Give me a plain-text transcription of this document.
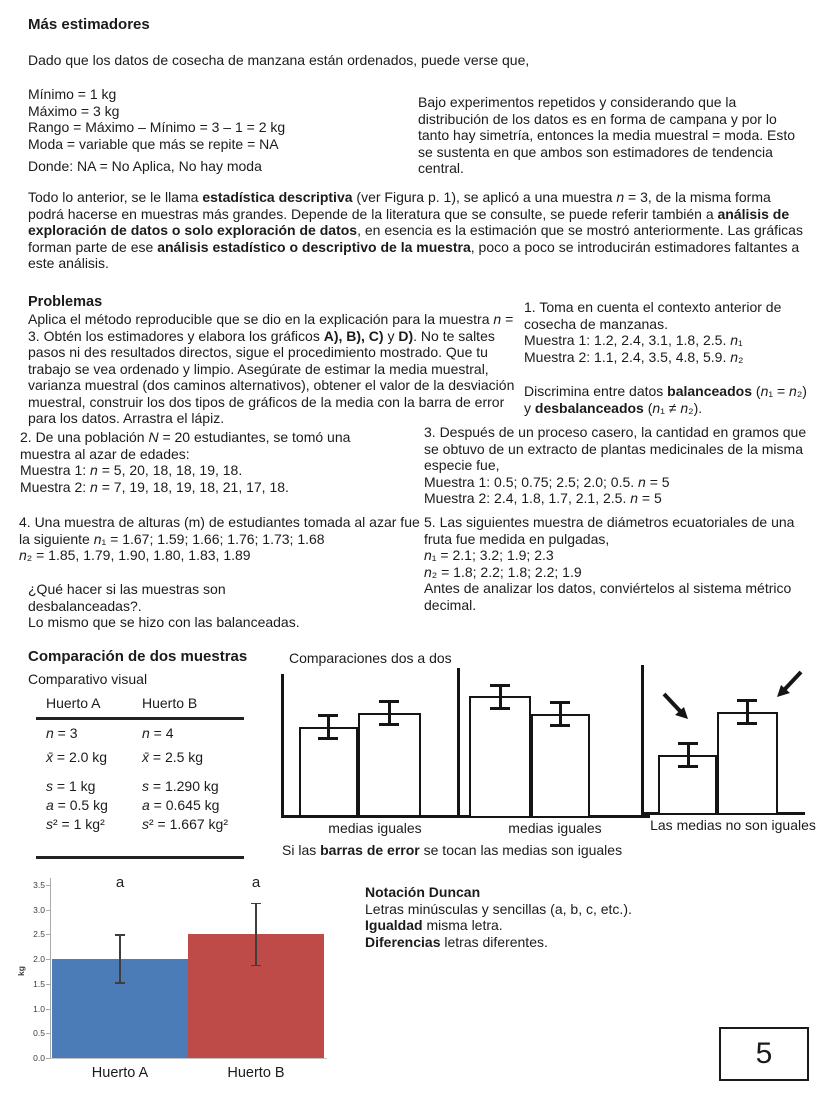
Más estimadores
Dado que los datos de cosecha de manzana están ordenados, puede verse que,
Mínimo = 1 kg
Máximo = 3 kg
Rango = Máximo – Mínimo = 3 – 1 = 2 kg
Moda = variable que más se repite = NA
Bajo experimentos repetidos y considerando que la distribución de los datos es en forma de campana y por lo tanto hay simetría, entonces la media muestral = moda. Esto se sustenta en que ambos son estimadores de tendencia central.
Donde: NA = No Aplica, No hay moda
Todo lo anterior, se le llama estadística descriptiva (ver Figura p. 1), se aplicó a una muestra n = 3, de la misma forma podrá hacerse en muestras más grandes. Depende de la literatura que se consulte, se puede referir también a análisis de exploración de datos o solo exploración de datos, en esencia es la estimación que se mostró anteriormente. Las gráficas forman parte de ese análisis estadístico o descriptivo de la muestra, poco a poco se introducirán estimadores faltantes a este análisis.
Problemas
Aplica el método reproducible que se dio en la explicación para la muestra n = 3. Obtén los estimadores y elabora los gráficos A), B), C) y D). No te saltes pasos ni des resultados directos, sigue el procedimiento mostrado. Que tu trabajo se vea ordenado y limpio. Asegúrate de estimar la media muestral, varianza muestral (dos caminos alternativos), obtener el valor de la desviación muestral, construir los dos tipos de gráficos de la media con la barra de error para los datos. Arrastra el lápiz.
1. Toma en cuenta el contexto anterior de cosecha de manzanas.
Muestra 1: 1.2, 2.4, 3.1, 1.8, 2.5. n₁
Muestra 2: 1.1, 2.4, 3.5, 4.8, 5.9. n₂
Discrimina entre datos balanceados (n₁ = n₂) y desbalanceados (n₁ ≠ n₂).
2. De una población N = 20 estudiantes, se tomó una muestra al azar de edades:
Muestra 1: n = 5, 20, 18, 18, 19, 18.
Muestra 2: n = 7, 19, 18, 19, 18, 21, 17, 18.
3. Después de un proceso casero, la cantidad en gramos que se obtuvo de un extracto de plantas medicinales de la misma especie fue,
Muestra 1: 0.5; 0.75; 2.5; 2.0; 0.5. n = 5
Muestra 2: 2.4, 1.8, 1.7, 2.1, 2.5. n = 5
4. Una muestra de alturas (m) de estudiantes tomada al azar fue la siguiente n₁ = 1.67; 1.59; 1.66; 1.76; 1.73; 1.68
n₂ = 1.85, 1.79, 1.90, 1.80, 1.83, 1.89
5. Las siguientes muestra de diámetros ecuatoriales de una fruta fue medida en pulgadas,
n₁ = 2.1; 3.2; 1.9; 2.3
n₂ = 1.8; 2.2; 1.8; 2.2; 1.9
Antes de analizar los datos, conviértelos al sistema métrico decimal.
¿Qué hacer si las muestras son desbalanceadas?.
Lo mismo que se hizo con las balanceadas.
Comparación de dos muestras
Comparativo visual
Huerto A	Huerto B
n = 3	n = 4
x̄ = 2.0 kg x̄ = 2.5 kg
s = 1 kg	s = 1.290 kg
a = 0.5 kg a = 0.645 kg
s² = 1 kg²	s² = 1.667 kg²
Comparaciones dos a dos
medias iguales	medias iguales	Las medias no son iguales
Si las barras de error se tocan las medias son iguales
0.0
0.5
1.0
1.5
2.0
2.5
3.0
3.5
kg
a
Huerto A
a
Huerto B
Notación Duncan
Letras minúsculas y sencillas (a, b, c, etc.).
Igualdad misma letra.
Diferencias letras diferentes.
5
